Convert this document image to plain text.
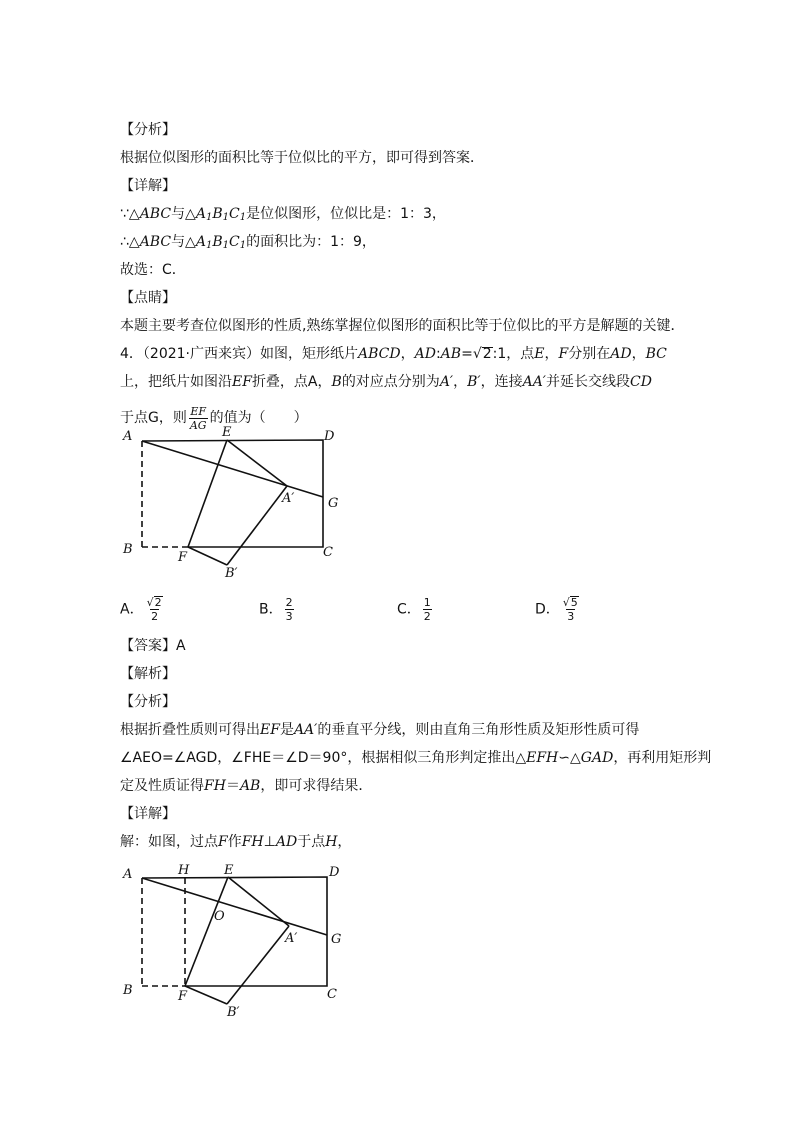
【分析】
根据位似图形的面积比等于位似比的平方，即可得到答案．
【详解】
∵△ABC与△A1B1C1是位似图形，位似比是：1：3，
∴△ABC与△A1B1C1的面积比为：1：9，
故选：C．
【点睛】
本题主要考查位似图形的性质,熟练掌握位似图形的面积比等于位似比的平方是解题的关键．
4．（2021·广西来宾）如图，矩形纸片ABCD，AD:AB=√2:1，点E，F分别在AD，BC
上，把纸片如图沿EF折叠，点A，B的对应点分别为A′，B′，连接AA′并延长交线段CD
于点G，则 $\frac{EF}{AG}$ 的值为（　　）
A	E	D
A′	G
B
F	C
B′
A	H	E	D
O
A′	G
B	F	C
B′
A． $\frac{√2}{2}$	B． $\frac{2}{3}$	C． $\frac{1}{2}$	D． $\frac{√5}{3}$
【答案】A
【解析】
【分析】
根据折叠性质则可得出EF是AA′的垂直平分线，则由直角三角形性质及矩形性质可得
∠AEO=∠AGD，∠FHE＝∠D＝90°，根据相似三角形判定推出△EFH∽△GAD，再利用矩形判
定及性质证得FH＝AB，即可求得结果．
【详解】
解：如图，过点F作FH⊥AD于点H，
